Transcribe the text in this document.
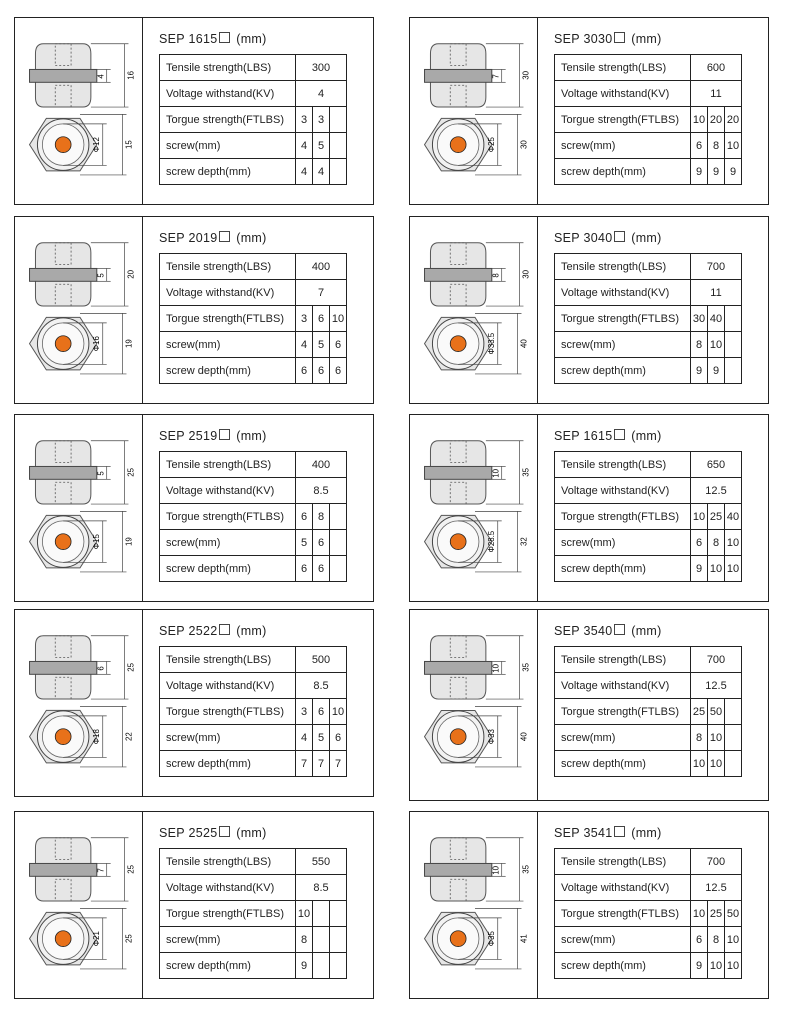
4	16
Φ12	15
SEP 1615 (mm)
Tensile strength(LBS)	300		
Voltage withstand(KV)	4		
Torgue strength(FTLBS)	3	3	
screw(mm)	4	5	
screw depth(mm)	4	4	
7	30
Φ25	30
SEP 3030 (mm)
Tensile strength(LBS)	600		
Voltage withstand(KV)	11		
Torgue strength(FTLBS)	10	20	20
screw(mm)	6	8	10
screw depth(mm)	9	9	9
5	20
Φ16	19
SEP 2019 (mm)
Tensile strength(LBS)	400		
Voltage withstand(KV)	7		
Torgue strength(FTLBS)	3	6	10
screw(mm)	4	5	6
screw depth(mm)	6	6	6
8	30
Φ33.5	40
SEP 3040 (mm)
Tensile strength(LBS)	700		
Voltage withstand(KV)	11		
Torgue strength(FTLBS)	30	40	
screw(mm)	8	10	
screw depth(mm)	9	9	
5	25
Φ15	19
SEP 2519 (mm)
Tensile strength(LBS)	400		
Voltage withstand(KV)	8.5		
Torgue strength(FTLBS)	6	8	
screw(mm)	5	6	
screw depth(mm)	6	6	
10	35
Φ28.5	32
SEP 1615 (mm)
Tensile strength(LBS)	650		
Voltage withstand(KV)	12.5		
Torgue strength(FTLBS)	10	25	40
screw(mm)	6	8	10
screw depth(mm)	9	10	10
6	25
Φ18	22
SEP 2522 (mm)
Tensile strength(LBS)	500		
Voltage withstand(KV)	8.5		
Torgue strength(FTLBS)	3	6	10
screw(mm)	4	5	6
screw depth(mm)	7	7	7
10	35
Φ33	40
SEP 3540 (mm)
Tensile strength(LBS)	700		
Voltage withstand(KV)	12.5		
Torgue strength(FTLBS)	25	50	
screw(mm)	8	10	
screw depth(mm)	10	10	
7	25
Φ21	25
SEP 2525 (mm)
Tensile strength(LBS)	550		
Voltage withstand(KV)	8.5		
Torgue strength(FTLBS)	10		
screw(mm)	8		
screw depth(mm)	9		
10	35
Φ35	41
SEP 3541 (mm)
Tensile strength(LBS)	700		
Voltage withstand(KV)	12.5		
Torgue strength(FTLBS)	10	25	50
screw(mm)	6	8	10
screw depth(mm)	9	10	10
